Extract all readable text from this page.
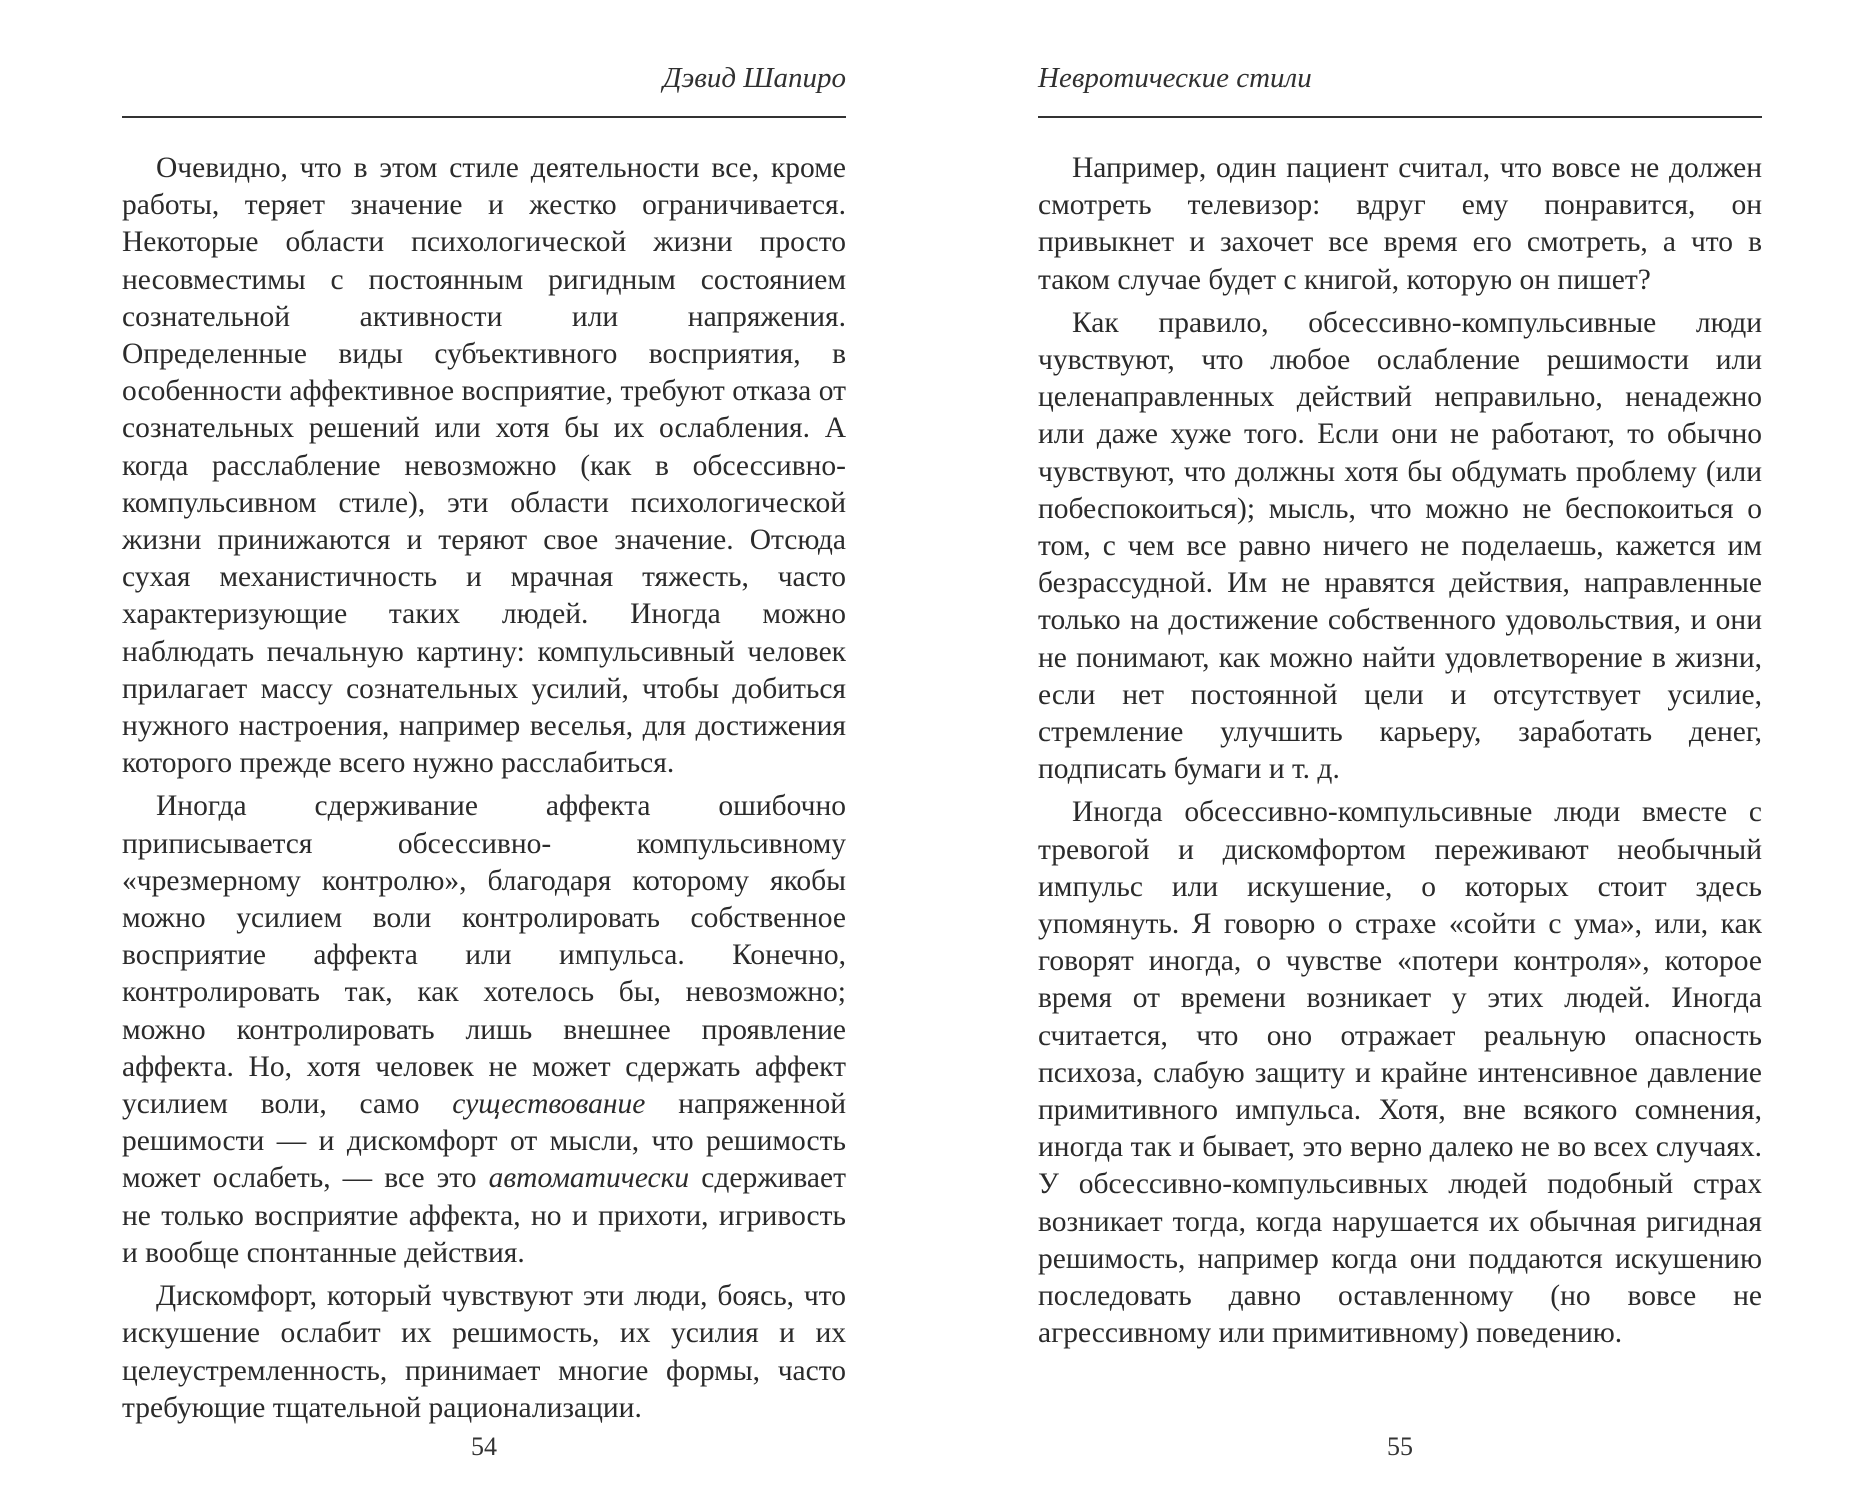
Дэвид Шапиро

Очевидно, что в этом стиле деятельности все, кроме работы, теряет значение и жестко ограничивается. Некоторые области психологической жизни просто несовместимы с постоянным ригидным состоянием сознательной активности или напряжения. Определенные виды субъективного восприятия, в особенности аффективное восприятие, требуют отказа от сознательных решений или хотя бы их ослабления. А когда расслабление невозможно (как в обсессивно-компульсивном стиле), эти области психологической жизни принижаются и теряют свое значение. Отсюда сухая механистичность и мрачная тяжесть, часто характеризующие таких людей. Иногда можно наблюдать печальную картину: компульсивный человек прилагает массу сознательных усилий, чтобы добиться нужного настроения, например веселья, для достижения которого прежде всего нужно расслабиться.

Иногда сдерживание аффекта ошибочно приписывается обсессивно- компульсивному «чрезмерному контролю», благодаря которому якобы можно усилием воли контролировать собственное восприятие аффекта или импульса. Конечно, контролировать так, как хотелось бы, невозможно; можно контролировать лишь внешнее проявление аффекта. Но, хотя человек не может сдержать аффект усилием воли, само существование напряженной решимости — и дискомфорт от мысли, что решимость может ослабеть, — все это автоматически сдерживает не только восприятие аффекта, но и прихоти, игривость и вообще спонтанные действия.

Дискомфорт, который чувствуют эти люди, боясь, что искушение ослабит их решимость, их усилия и их целеустремленность, принимает многие формы, часто требующие тщательной рационализации.

54
Невротические стили

Например, один пациент считал, что вовсе не должен смотреть телевизор: вдруг ему понравится, он привыкнет и захочет все время его смотреть, а что в таком случае будет с книгой, которую он пишет?

Как правило, обсессивно-компульсивные люди чувствуют, что любое ослабление решимости или целенаправленных действий неправильно, ненадежно или даже хуже того. Если они не работают, то обычно чувствуют, что должны хотя бы обдумать проблему (или побеспокоиться); мысль, что можно не беспокоиться о том, с чем все равно ничего не поделаешь, кажется им безрассудной. Им не нравятся действия, направленные только на достижение собственного удовольствия, и они не понимают, как можно найти удовлетворение в жизни, если нет постоянной цели и отсутствует усилие, стремление улучшить карьеру, заработать денег, подписать бумаги и т. д.

Иногда обсессивно-компульсивные люди вместе с тревогой и дискомфортом переживают необычный импульс или искушение, о которых стоит здесь упомянуть. Я говорю о страхе «сойти с ума», или, как говорят иногда, о чувстве «потери контроля», которое время от времени возникает у этих людей. Иногда считается, что оно отражает реальную опасность психоза, слабую защиту и крайне интенсивное давление примитивного импульса. Хотя, вне всякого сомнения, иногда так и бывает, это верно далеко не во всех случаях. У обсессивно-компульсивных людей подобный страх возникает тогда, когда нарушается их обычная ригидная решимость, например когда они поддаются искушению последовать давно оставленному (но вовсе не агрессивному или примитивному) поведению.

55
